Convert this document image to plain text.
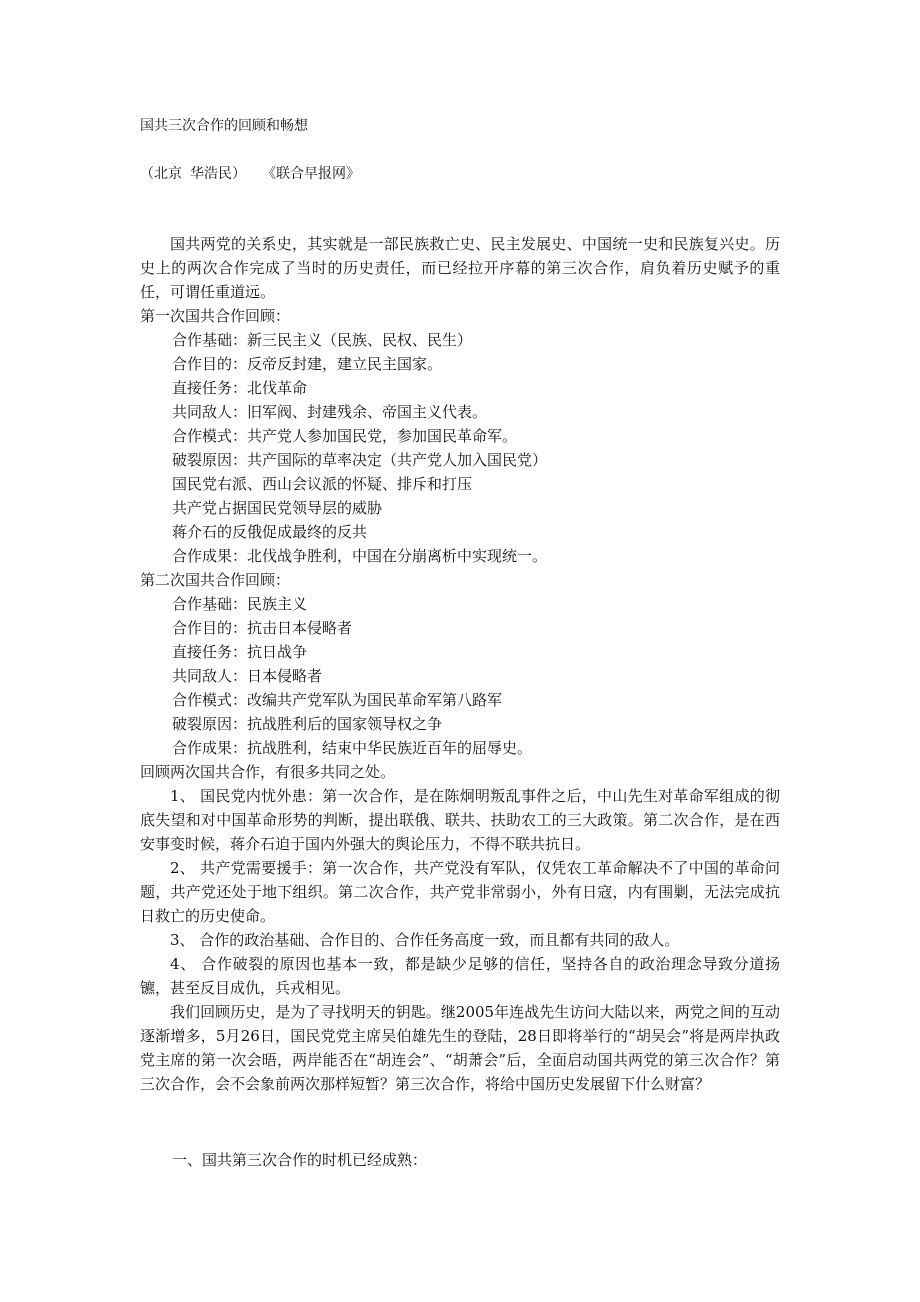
国共三次合作的回顾和畅想
（北京 华浩民） 《联合早报网》
国共两党的关系史，其实就是一部民族救亡史、民主发展史、中国统一史和民族复兴史。历史上的两次合作完成了当时的历史责任，而已经拉开序幕的第三次合作，肩负着历史赋予的重任，可谓任重道远。
第一次国共合作回顾：
合作基础：新三民主义（民族、民权、民生）
合作目的：反帝反封建，建立民主国家。
直接任务：北伐革命
共同敌人：旧军阀、封建残余、帝国主义代表。
合作模式：共产党人参加国民党，参加国民革命军。
破裂原因：共产国际的草率决定（共产党人加入国民党）
国民党右派、西山会议派的怀疑、排斥和打压
共产党占据国民党领导层的威胁
蒋介石的反俄促成最终的反共
合作成果：北伐战争胜利，中国在分崩离析中实现统一。
第二次国共合作回顾：
合作基础：民族主义
合作目的：抗击日本侵略者
直接任务：抗日战争
共同敌人：日本侵略者
合作模式：改编共产党军队为国民革命军第八路军
破裂原因：抗战胜利后的国家领导权之争
合作成果：抗战胜利，结束中华民族近百年的屈辱史。
回顾两次国共合作，有很多共同之处。
1、 国民党内忧外患：第一次合作，是在陈炯明叛乱事件之后，中山先生对革命军组成的彻底失望和对中国革命形势的判断，提出联俄、联共、扶助农工的三大政策。第二次合作，是在西安事变时候，蒋介石迫于国内外强大的舆论压力，不得不联共抗日。
2、 共产党需要援手：第一次合作，共产党没有军队，仅凭农工革命解决不了中国的革命问题，共产党还处于地下组织。第二次合作，共产党非常弱小，外有日寇，内有围剿，无法完成抗日救亡的历史使命。
3、 合作的政治基础、合作目的、合作任务高度一致，而且都有共同的敌人。
4、 合作破裂的原因也基本一致，都是缺少足够的信任，坚持各自的政治理念导致分道扬镳，甚至反目成仇，兵戎相见。
我们回顾历史，是为了寻找明天的钥匙。继2005年连战先生访问大陆以来，两党之间的互动逐渐增多，5月26日，国民党党主席吴伯雄先生的登陆，28日即将举行的“胡吴会”将是两岸执政党主席的第一次会晤，两岸能否在“胡连会”、“胡萧会”后，全面启动国共两党的第三次合作？第三次合作，会不会象前两次那样短暂？第三次合作，将给中国历史发展留下什么财富？
一、国共第三次合作的时机已经成熟：
